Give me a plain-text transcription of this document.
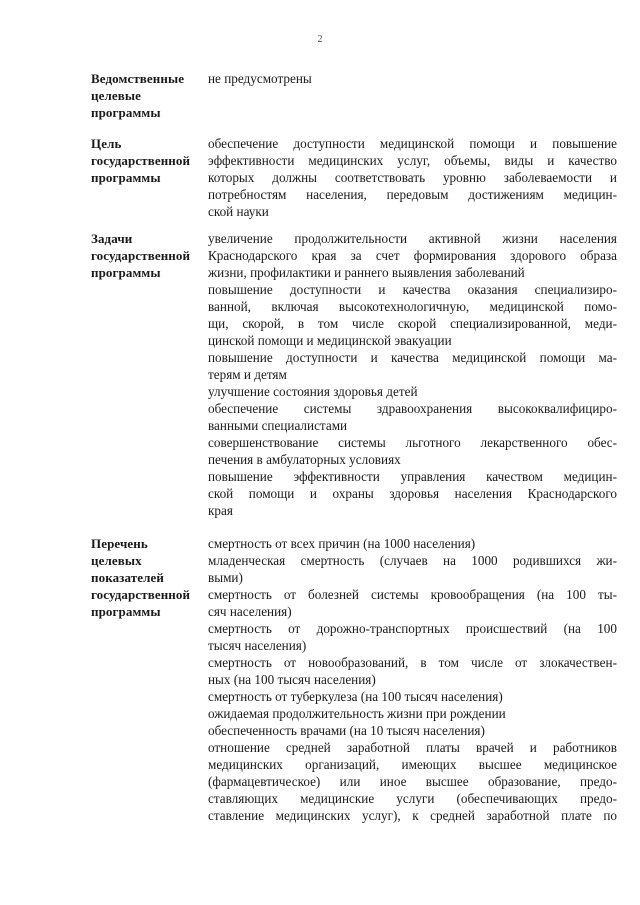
2
Ведомственные
целевые
программы
не предусмотрены
Цель
государственной
программы
обеспечение доступности медицинской помощи и повышение
эффективности медицинских услуг, объемы, виды и качество
которых должны соответствовать уровню заболеваемости и
потребностям населения, передовым достижениям медицин-
ской науки
Задачи
государственной
программы
увеличение продолжительности активной жизни населения
Краснодарского края за счет формирования здорового образа
жизни, профилактики и раннего выявления заболеваний
повышение доступности и качества оказания специализиро-
ванной, включая высокотехнологичную, медицинской помо-
щи, скорой, в том числе скорой специализированной, меди-
цинской помощи и медицинской эвакуации
повышение доступности и качества медицинской помощи ма-
терям и детям
улучшение состояния здоровья детей
обеспечение системы здравоохранения высококвалифициро-
ванными специалистами
совершенствование системы льготного лекарственного обес-
печения в амбулаторных условиях
повышение эффективности управления качеством медицин-
ской помощи и охраны здоровья населения Краснодарского
края
Перечень
целевых
показателей
государственной
программы
смертность от всех причин (на 1000 населения)
младенческая смертность (случаев на 1000 родившихся жи-
выми)
смертность от болезней системы кровообращения (на 100 ты-
сяч населения)
смертность от дорожно-транспортных происшествий (на 100
тысяч населения)
смертность от новообразований, в том числе от злокачествен-
ных (на 100 тысяч населения)
смертность от туберкулеза (на 100 тысяч населения)
ожидаемая продолжительность жизни при рождении
обеспеченность врачами (на 10 тысяч населения)
отношение средней заработной платы врачей и работников
медицинских организаций, имеющих высшее медицинское
(фармацевтическое) или иное высшее образование, предо-
ставляющих медицинские услуги (обеспечивающих предо-
ставление медицинских услуг), к средней заработной плате по
